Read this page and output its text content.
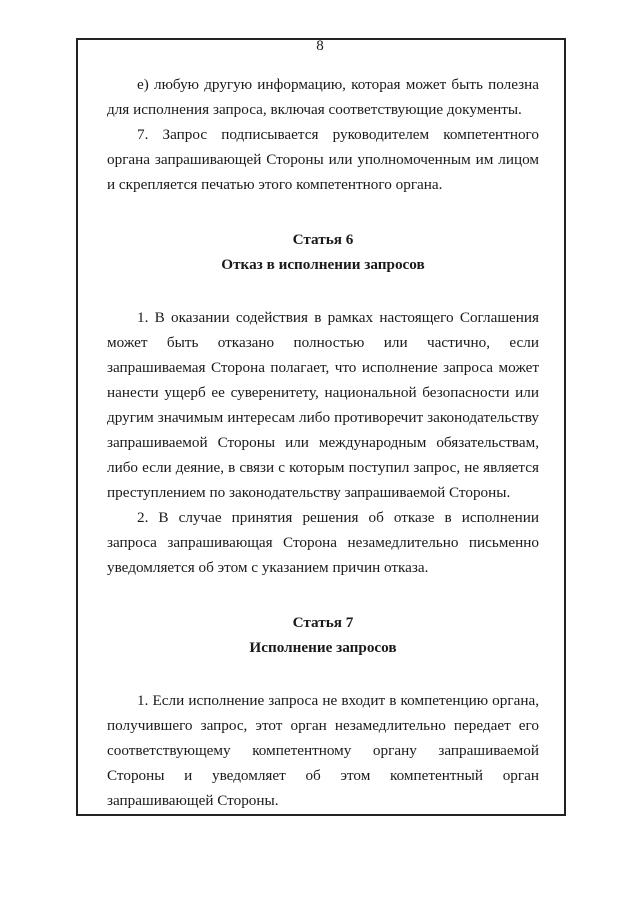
8

е) любую другую информацию, которая может быть полезна для исполнения запроса, включая соответствующие документы.

7. Запрос подписывается руководителем компетентного органа запрашивающей Стороны или уполномоченным им лицом и скрепляется печатью этого компетентного органа.

Статья 6

Отказ в исполнении запросов

1. В оказании содействия в рамках настоящего Соглашения может быть отказано полностью или частично, если запрашиваемая Сторона полагает, что исполнение запроса может нанести ущерб ее суверенитету, национальной безопасности или другим значимым интересам либо противоречит законодательству запрашиваемой Стороны или международным обязательствам, либо если деяние, в связи с которым поступил запрос, не является преступлением по законодательству запрашиваемой Стороны.

2. В случае принятия решения об отказе в исполнении запроса запрашивающая Сторона незамедлительно письменно уведомляется об этом с указанием причин отказа.

Статья 7

Исполнение запросов

1. Если исполнение запроса не входит в компетенцию органа, получившего запрос, этот орган незамедлительно передает его соответствующему компетентному органу запрашиваемой Стороны и уведомляет об этом компетентный орган запрашивающей Стороны.
